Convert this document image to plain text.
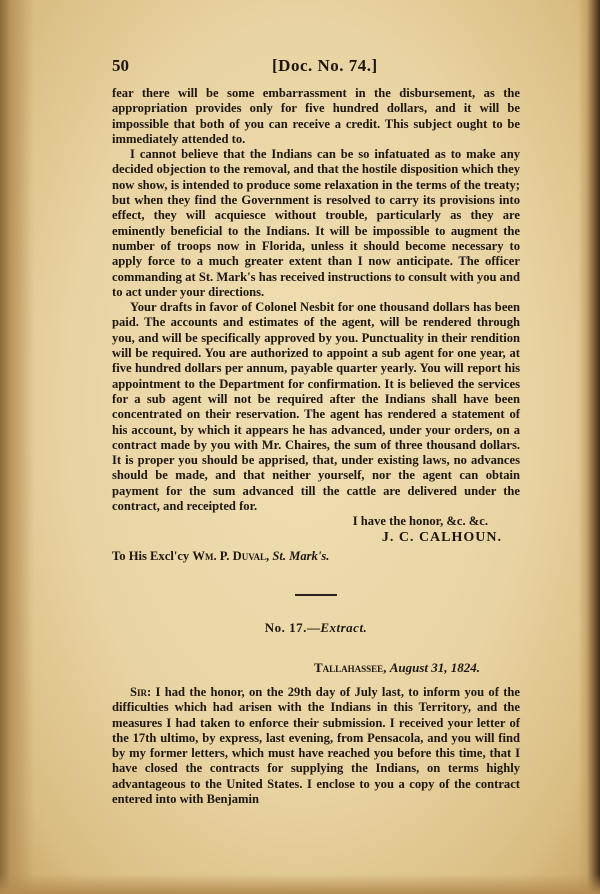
50	[Doc. No. 74.]

fear there will be some embarrassment in the disbursement, as the appropriation provides only for five hundred dollars, and it will be impossible that both of you can receive a credit. This subject ought to be immediately attended to.

I cannot believe that the Indians can be so infatuated as to make any decided objection to the removal, and that the hostile disposition which they now show, is intended to produce some relaxation in the terms of the treaty; but when they find the Government is resolved to carry its provisions into effect, they will acquiesce without trouble, particularly as they are eminently beneficial to the Indians. It will be impossible to augment the number of troops now in Florida, unless it should become necessary to apply force to a much greater extent than I now anticipate. The officer commanding at St. Mark's has received instructions to consult with you and to act under your directions.

Your drafts in favor of Colonel Nesbit for one thousand dollars has been paid. The accounts and estimates of the agent, will be rendered through you, and will be specifically approved by you. Punctuality in their rendition will be required. You are authorized to appoint a sub agent for one year, at five hundred dollars per annum, payable quarter yearly. You will report his appointment to the Department for confirmation. It is believed the services for a sub agent will not be required after the Indians shall have been concentrated on their reservation. The agent has rendered a statement of his account, by which it appears he has advanced, under your orders, on a contract made by you with Mr. Chaires, the sum of three thousand dollars. It is proper you should be apprised, that, under existing laws, no advances should be made, and that neither yourself, nor the agent can obtain payment for the sum advanced till the cattle are delivered under the contract, and receipted for.

I have the honor, &c. &c.

J. C. CALHOUN.

To His Excl'cy Wm. P. Duval, St. Mark's.

No. 17.—Extract.

Tallahassee, August 31, 1824.

Sir: I had the honor, on the 29th day of July last, to inform you of the difficulties which had arisen with the Indians in this Territory, and the measures I had taken to enforce their submission. I received your letter of the 17th ultimo, by express, last evening, from Pensacola, and you will find by my former letters, which must have reached you before this time, that I have closed the contracts for supplying the Indians, on terms highly advantageous to the United States. I enclose to you a copy of the contract entered into with Benjamin
